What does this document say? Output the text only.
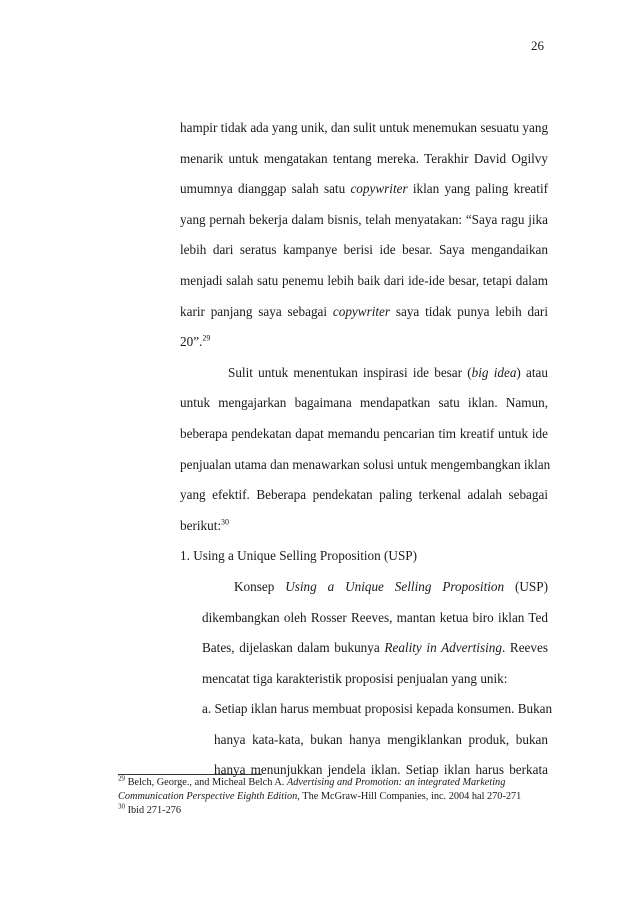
26
hampir tidak ada yang unik, dan sulit untuk menemukan sesuatu yang
menarik untuk mengatakan tentang mereka. Terakhir David Ogilvy
umumnya dianggap salah satu copywriter iklan yang paling kreatif
yang pernah bekerja dalam bisnis, telah menyatakan: “Saya ragu jika
lebih dari seratus kampanye berisi ide besar. Saya mengandaikan
menjadi salah satu penemu lebih baik dari ide-ide besar, tetapi dalam
karir panjang saya sebagai copywriter saya tidak punya lebih dari
20”.$^{29}$
Sulit untuk menentukan inspirasi ide besar (big idea) atau
untuk mengajarkan bagaimana mendapatkan satu iklan. Namun,
beberapa pendekatan dapat memandu pencarian tim kreatif untuk ide
penjualan utama dan menawarkan solusi untuk mengembangkan iklan
yang efektif. Beberapa pendekatan paling terkenal adalah sebagai
berikut:$^{30}$
1. Using a Unique Selling Proposition (USP)
Konsep Using a Unique Selling Proposition (USP)
dikembangkan oleh Rosser Reeves, mantan ketua biro iklan Ted
Bates, dijelaskan dalam bukunya Reality in Advertising. Reeves
mencatat tiga karakteristik proposisi penjualan yang unik:
a. Setiap iklan harus membuat proposisi kepada konsumen. Bukan
hanya kata-kata, bukan hanya mengiklankan produk, bukan
hanya menunjukkan jendela iklan. Setiap iklan harus berkata
$^{29}$ Belch, George., and Micheal Belch A. Advertising and Promotion: an integrated Marketing Communication Perspective Eighth Edition, The McGraw-Hill Companies, inc. 2004 hal 270-271
$^{30}$ Ibid 271-276
